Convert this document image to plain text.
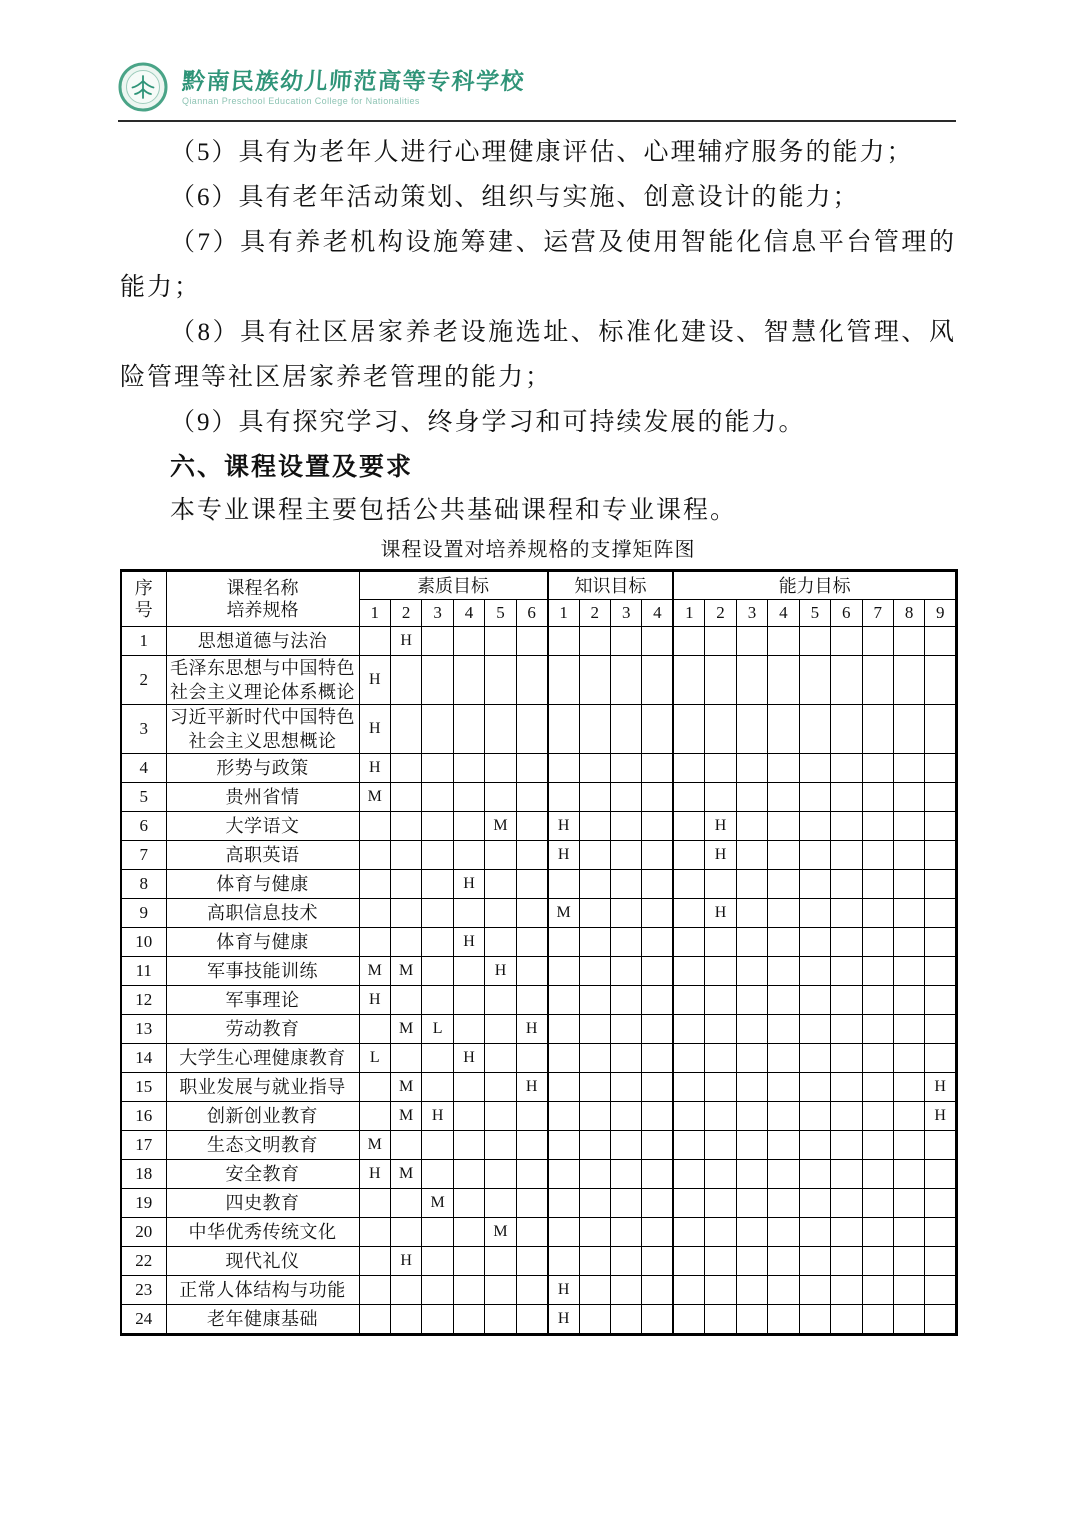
黔南民族幼儿师范高等专科学校
Qiannan Preschool Education College for Nationalities

（5）具有为老年人进行心理健康评估、心理辅疗服务的能力；

（6）具有老年活动策划、组织与实施、创意设计的能力；

（7）具有养老机构设施筹建、运营及使用智能化信息平台管理的能力；

（8）具有社区居家养老设施选址、标准化建设、智慧化管理、风险管理等社区居家养老管理的能力；

（9）具有探究学习、终身学习和可持续发展的能力。

六、课程设置及要求

本专业课程主要包括公共基础课程和专业课程。

课程设置对培养规格的支撑矩阵图

序
号

课程名称
培养规格
	素质目标	知识目标	能力目标
		1	2	3	4	5	6	1	2	3	4	1	2	3	4	5	6	7	8	9
1	思想道德与法治		H																	
2	毛泽东思想与中国特色社会主义理论体系概论	H																		
3	习近平新时代中国特色社会主义思想概论	H																		
4	形势与政策	H																		
5	贵州省情	M																		
6	大学语文					M		H					H							
7	高职英语							H					H							
8	体育与健康				H															
9	高职信息技术							M					H							
10	体育与健康				H															
11	军事技能训练	M	M			H														
12	军事理论	H																		
13	劳动教育		M	L			H													
14	大学生心理健康教育	L			H															
15	职业发展与就业指导		M				H													H
16	创新创业教育		M	H																H
17	生态文明教育	M																		
18	安全教育	H	M																	
19	四史教育			M																
20	中华优秀传统文化					M														
22	现代礼仪		H																	
23	正常人体结构与功能							H												
24	老年健康基础							H												
